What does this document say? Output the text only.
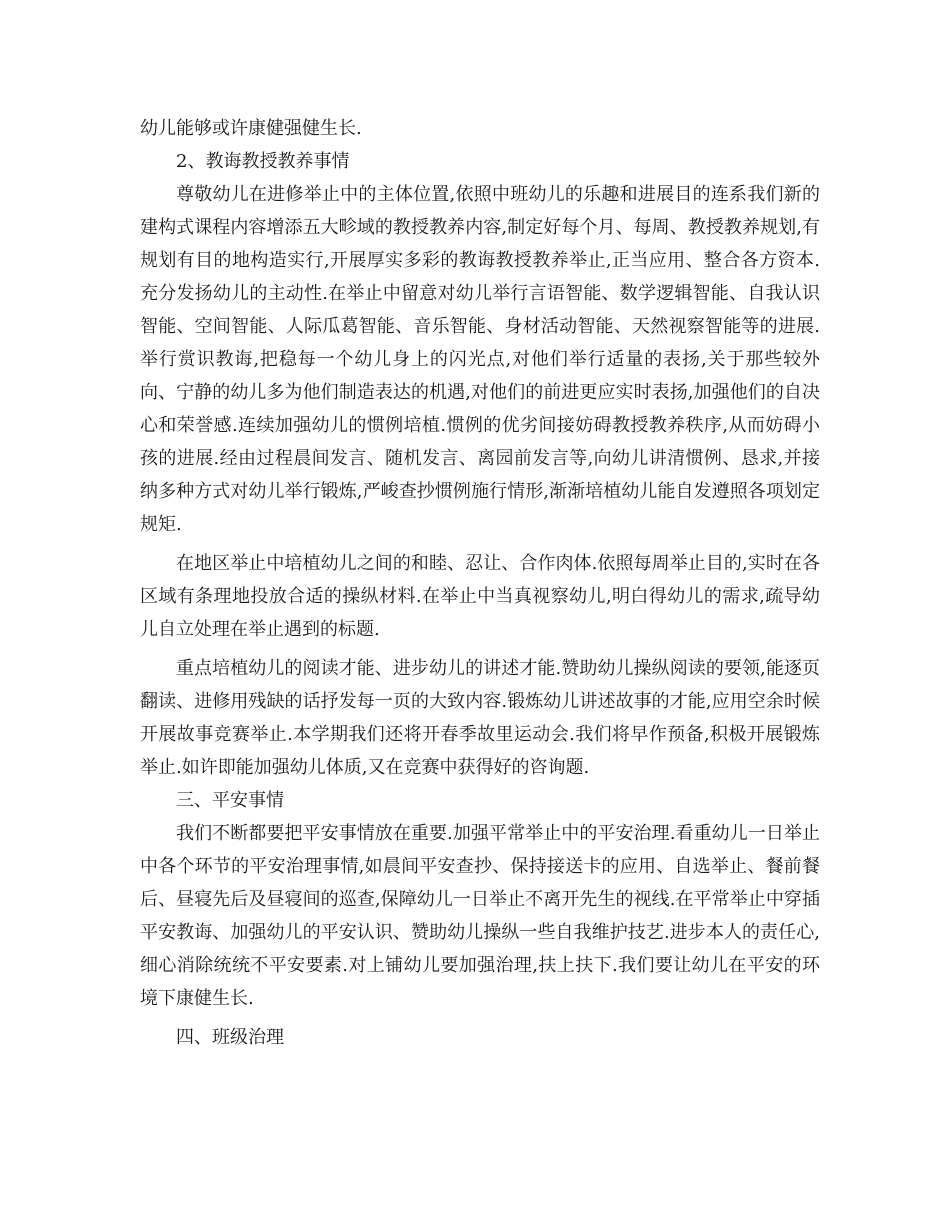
幼儿能够或许康健强健生长.

2、教诲教授教养事情

尊敬幼儿在进修举止中的主体位置,依照中班幼儿的乐趣和进展目的连系我们新的建构式课程内容增添五大畛域的教授教养内容,制定好每个月、每周、教授教养规划,有规划有目的地构造实行,开展厚实多彩的教诲教授教养举止,正当应用、整合各方资本.充分发扬幼儿的主动性.在举止中留意对幼儿举行言语智能、数学逻辑智能、自我认识智能、空间智能、人际瓜葛智能、音乐智能、身材活动智能、天然视察智能等的进展.举行赏识教诲,把稳每一个幼儿身上的闪光点,对他们举行适量的表扬,关于那些较外向、宁静的幼儿多为他们制造表达的机遇,对他们的前进更应实时表扬,加强他们的自决心和荣誉感.连续加强幼儿的惯例培植.惯例的优劣间接妨碍教授教养秩序,从而妨碍小孩的进展.经由过程晨间发言、随机发言、离园前发言等,向幼儿讲清惯例、恳求,并接纳多种方式对幼儿举行锻炼,严峻查抄惯例施行情形,渐渐培植幼儿能自发遵照各项划定规矩.

在地区举止中培植幼儿之间的和睦、忍让、合作肉体.依照每周举止目的,实时在各区域有条理地投放合适的操纵材料.在举止中当真视察幼儿,明白得幼儿的需求,疏导幼儿自立处理在举止遇到的标题.

重点培植幼儿的阅读才能、进步幼儿的讲述才能.赞助幼儿操纵阅读的要领,能逐页翻读、进修用残缺的话抒发每一页的大致内容.锻炼幼儿讲述故事的才能,应用空余时候开展故事竞赛举止.本学期我们还将开春季故里运动会.我们将早作预备,积极开展锻炼举止.如许即能加强幼儿体质,又在竞赛中获得好的咨询题.

三、平安事情

我们不断都要把平安事情放在重要.加强平常举止中的平安治理.看重幼儿一日举止中各个环节的平安治理事情,如晨间平安查抄、保持接送卡的应用、自选举止、餐前餐后、昼寝先后及昼寝间的巡查,保障幼儿一日举止不离开先生的视线.在平常举止中穿插平安教诲、加强幼儿的平安认识、赞助幼儿操纵一些自我维护技艺.进步本人的责任心,细心消除统统不平安要素.对上铺幼儿要加强治理,扶上扶下.我们要让幼儿在平安的环境下康健生长.

四、班级治理
